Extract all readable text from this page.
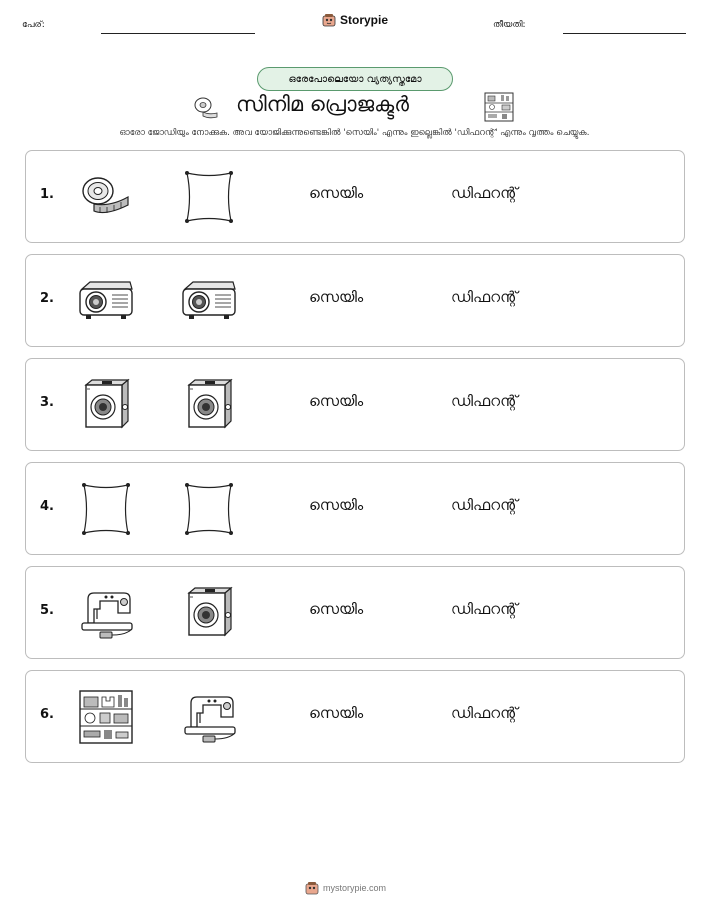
പേര്:	Storypie	തീയതി:
ഒരേപോലെയോ വ്യത്യസ്തമോ
സിനിമ പ്രൊജക്ടർ
ഓരോ ജോഡിയും നോക്കുക. അവ യോജിക്കുന്നുണ്ടെങ്കിൽ 'സെയിം' എന്നും ഇല്ലെങ്കിൽ 'ഡിഫറന്റ്' എന്നും വൃത്തം ചെയ്യുക.
1.	സെയിം	ഡിഫറന്റ്
2.	സെയിം	ഡിഫറന്റ്
3.	സെയിം	ഡിഫറന്റ്
4.	സെയിം	ഡിഫറന്റ്
5.	സെയിം	ഡിഫറന്റ്
6.	സെയിം	ഡിഫറന്റ്
mystorypie.com
